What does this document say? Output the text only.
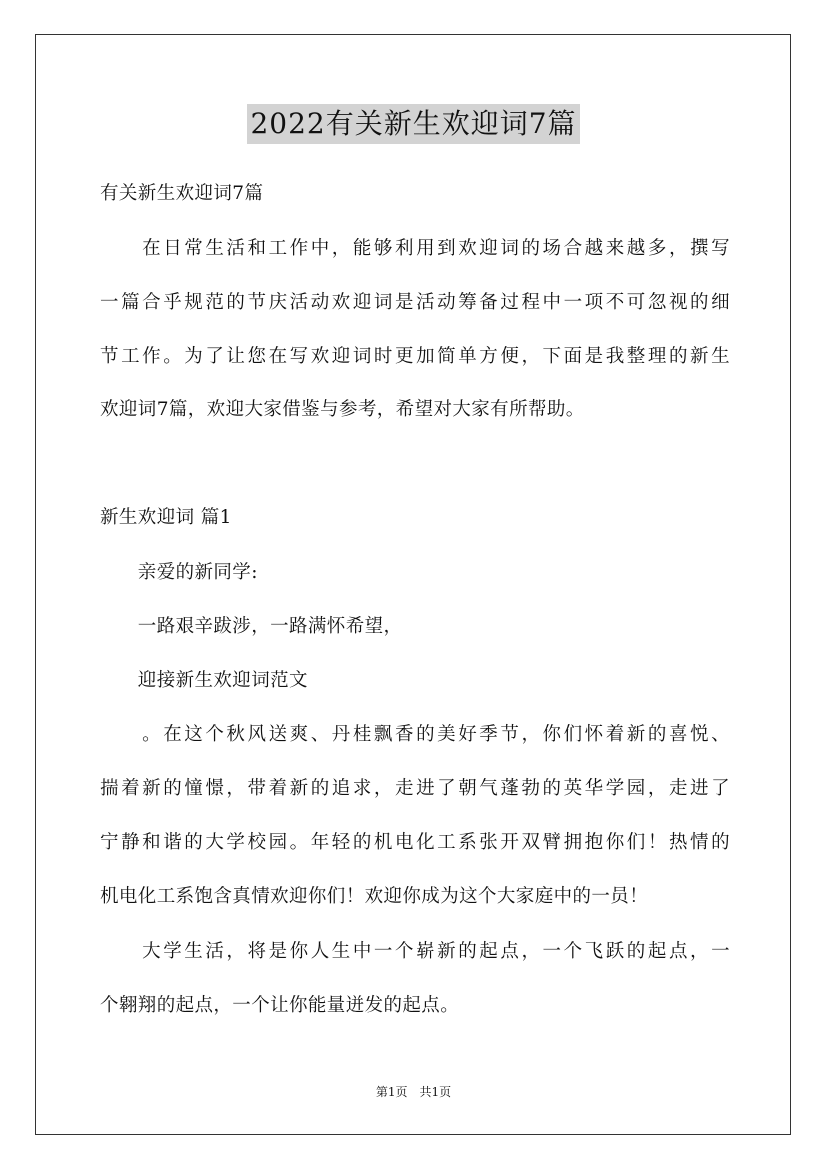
2022有关新生欢迎词7篇
有关新生欢迎词7篇
　　在日常生活和工作中，能够利用到欢迎词的场合越来越多，撰写
一篇合乎规范的节庆活动欢迎词是活动筹备过程中一项不可忽视的细
节工作。为了让您在写欢迎词时更加简单方便，下面是我整理的新生
欢迎词7篇，欢迎大家借鉴与参考，希望对大家有所帮助。
新生欢迎词 篇1
　　亲爱的新同学:
　　一路艰辛跋涉，一路满怀希望，
　　迎接新生欢迎词范文
　　。在这个秋风送爽、丹桂飘香的美好季节，你们怀着新的喜悦、
揣着新的憧憬，带着新的追求，走进了朝气蓬勃的英华学园，走进了
宁静和谐的大学校园。年轻的机电化工系张开双臂拥抱你们！热情的
机电化工系饱含真情欢迎你们！欢迎你成为这个大家庭中的一员！
　　大学生活，将是你人生中一个崭新的起点，一个飞跃的起点，一
个翱翔的起点，一个让你能量迸发的起点。
第1页　共1页
